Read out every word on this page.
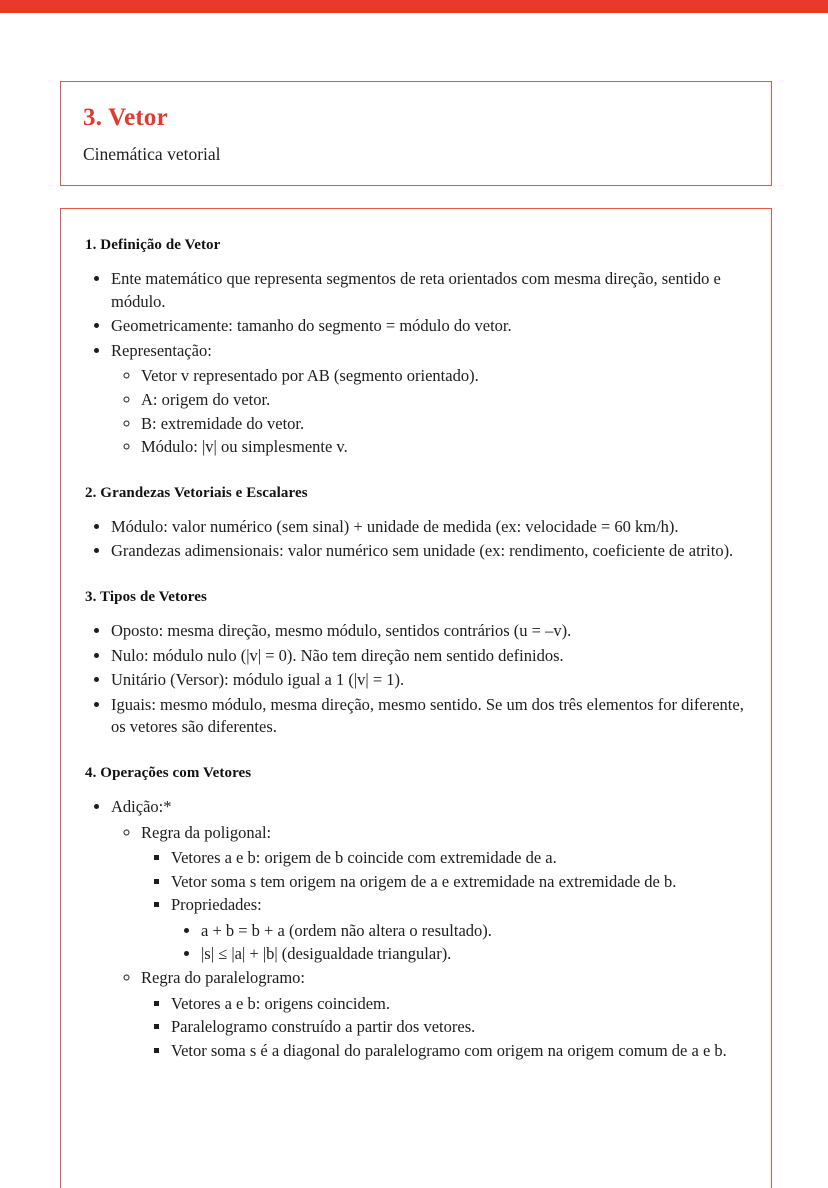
3. Vetor

Cinemática vetorial

1. Definição de Vetor
• Ente matemático que representa segmentos de reta orientados com mesma direção, sentido e módulo.
• Geometricamente: tamanho do segmento = módulo do vetor.
• Representação:
◦ Vetor v representado por AB (segmento orientado).
◦ A: origem do vetor.
◦ B: extremidade do vetor.
◦ Módulo: |v| ou simplesmente v.
2. Grandezas Vetoriais e Escalares
• Módulo: valor numérico (sem sinal) + unidade de medida (ex: velocidade = 60 km/h).
• Grandezas adimensionais: valor numérico sem unidade (ex: rendimento, coeficiente de atrito).
3. Tipos de Vetores
• Oposto: mesma direção, mesmo módulo, sentidos contrários (u = –v).
• Nulo: módulo nulo (|v| = 0). Não tem direção nem sentido definidos.
• Unitário (Versor): módulo igual a 1 (|v| = 1).
• Iguais: mesmo módulo, mesma direção, mesmo sentido. Se um dos três elementos for diferente, os vetores são diferentes.
4. Operações com Vetores
• Adição:*
◦ Regra da poligonal:
▪ Vetores a e b: origem de b coincide com extremidade de a.
▪ Vetor soma s tem origem na origem de a e extremidade na extremidade de b.
▪ Propriedades:
• a + b = b + a (ordem não altera o resultado).
• |s| ≤ |a| + |b| (desigualdade triangular).
◦ Regra do paralelogramo:
▪ Vetores a e b: origens coincidem.
▪ Paralelogramo construído a partir dos vetores.
▪ Vetor soma s é a diagonal do paralelogramo com origem na origem comum de a e b.
